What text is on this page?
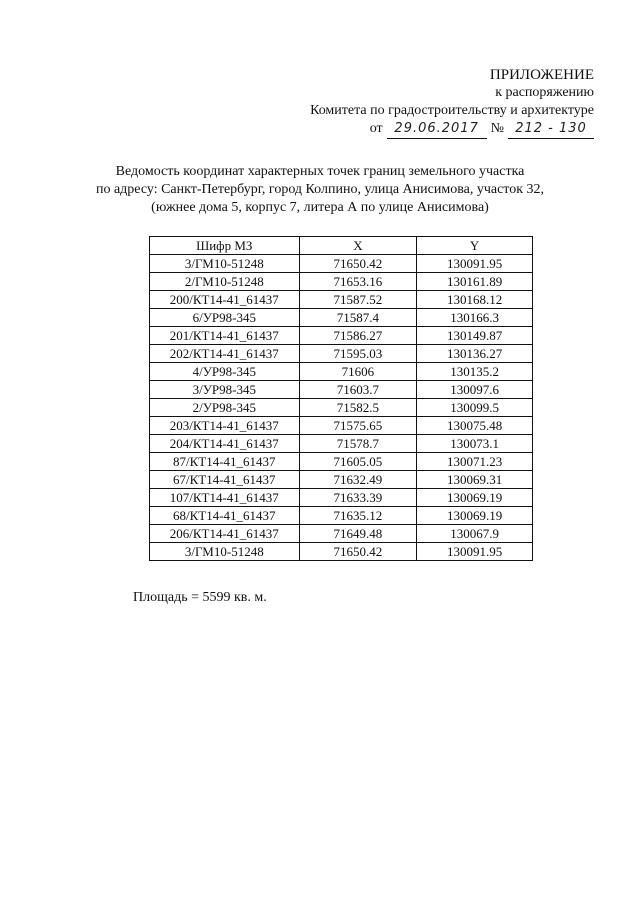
ПРИЛОЖЕНИЕ
к распоряжению
Комитета по градостроительству и архитектуре
от 29.06.2017 № 212 - 130
Ведомость координат характерных точек границ земельного участка
по адресу: Санкт-Петербург, город Колпино, улица Анисимова, участок 32,
(южнее дома 5, корпус 7, литера А по улице Анисимова)
Шифр МЗ	X	Y
3/ГМ10-51248	71650.42	130091.95
2/ГМ10-51248	71653.16	130161.89
200/КТ14-41_61437	71587.52	130168.12
6/УР98-345	71587.4	130166.3
201/КТ14-41_61437	71586.27	130149.87
202/КТ14-41_61437	71595.03	130136.27
4/УР98-345	71606	130135.2
3/УР98-345	71603.7	130097.6
2/УР98-345	71582.5	130099.5
203/КТ14-41_61437	71575.65	130075.48
204/КТ14-41_61437	71578.7	130073.1
87/КТ14-41_61437	71605.05	130071.23
67/КТ14-41_61437	71632.49	130069.31
107/КТ14-41_61437	71633.39	130069.19
68/КТ14-41_61437	71635.12	130069.19
206/КТ14-41_61437	71649.48	130067.9
3/ГМ10-51248	71650.42	130091.95
Площадь = 5599 кв. м.
